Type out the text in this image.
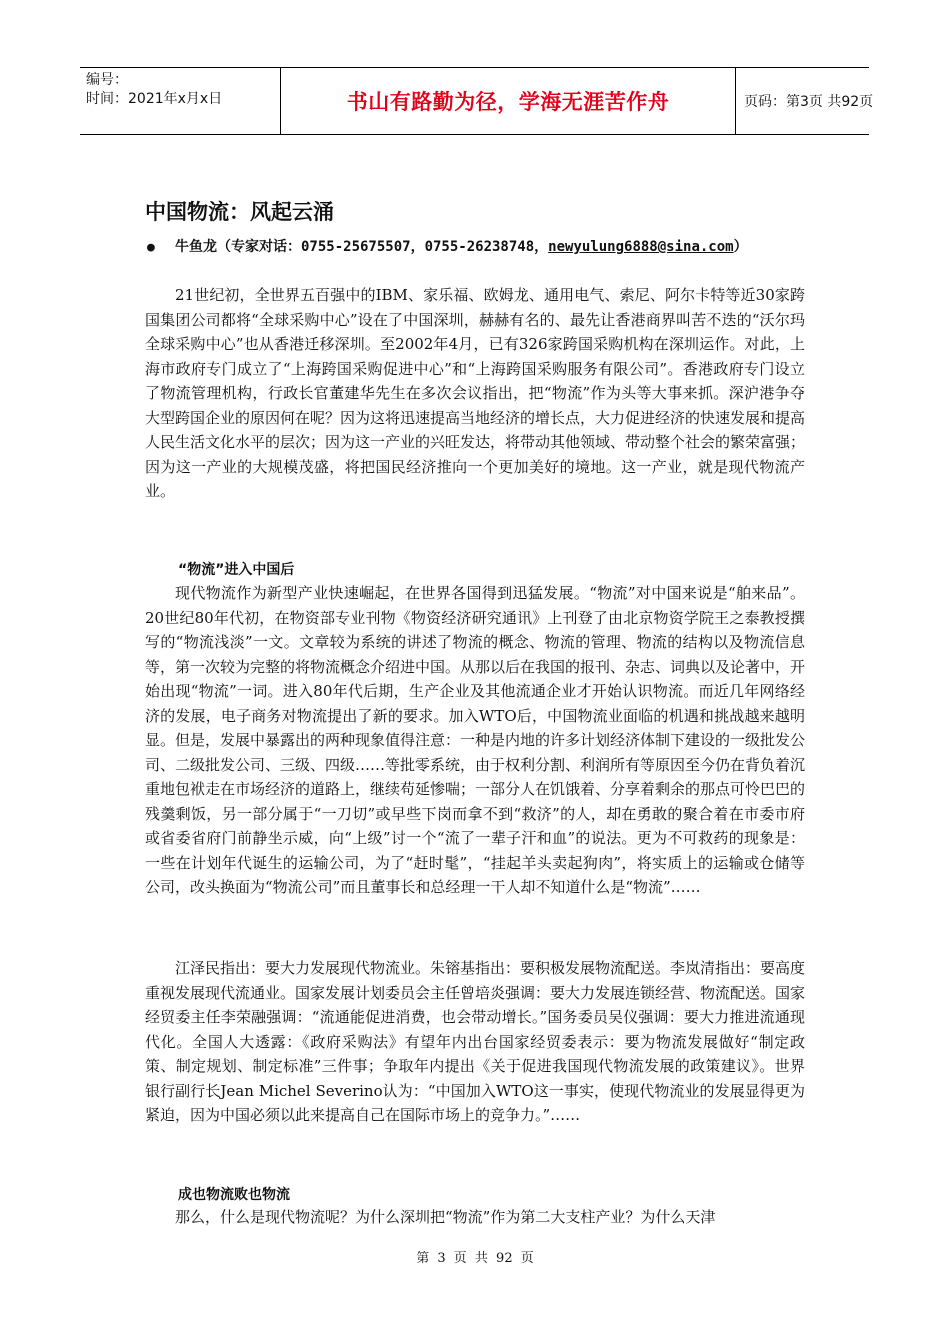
编号：
时间：2021年x月x日	书山有路勤为径，学海无涯苦作舟	页码：第3页 共92页
中国物流：风起云涌
● 牛鱼龙（专家对话：0755-25675507，0755-26238748，newyulung6888@sina.com）

21世纪初，全世界五百强中的IBM、家乐福、欧姆龙、通用电气、索尼、阿尔卡特等近30家跨国集团公司都将“全球采购中心”设在了中国深圳，赫赫有名的、最先让香港商界叫苦不迭的“沃尔玛全球采购中心”也从香港迁移深圳。至2002年4月，已有326家跨国采购机构在深圳运作。对此，上海市政府专门成立了“上海跨国采购促进中心”和“上海跨国采购服务有限公司”。香港政府专门设立了物流管理机构，行政长官董建华先生在多次会议指出，把“物流”作为头等大事来抓。深沪港争夺大型跨国企业的原因何在呢？因为这将迅速提高当地经济的增长点，大力促进经济的快速发展和提高人民生活文化水平的层次；因为这一产业的兴旺发达，将带动其他领域、带动整个社会的繁荣富强；因为这一产业的大规模茂盛，将把国民经济推向一个更加美好的境地。这一产业，就是现代物流产业。

“物流”进入中国后

现代物流作为新型产业快速崛起，在世界各国得到迅猛发展。“物流”对中国来说是“舶来品”。20世纪80年代初，在物资部专业刊物《物资经济研究通讯》上刊登了由北京物资学院王之泰教授撰写的“物流浅淡”一文。文章较为系统的讲述了物流的概念、物流的管理、物流的结构以及物流信息等，第一次较为完整的将物流概念介绍进中国。从那以后在我国的报刊、杂志、词典以及论著中，开始出现“物流”一词。进入80年代后期，生产企业及其他流通企业才开始认识物流。而近几年网络经济的发展，电子商务对物流提出了新的要求。加入WTO后，中国物流业面临的机遇和挑战越来越明显。但是，发展中暴露出的两种现象值得注意：一种是内地的许多计划经济体制下建设的一级批发公司、二级批发公司、三级、四级……等批零系统，由于权利分割、利润所有等原因至今仍在背负着沉重地包袱走在市场经济的道路上，继续苟延惨喘；一部分人在饥饿着、分享着剩余的那点可怜巴巴的残羹剩饭，另一部分属于“一刀切”或早些下岗而拿不到“救济”的人，却在勇敢的聚合着在市委市府或省委省府门前静坐示威，向“上级”讨一个“流了一辈子汗和血”的说法。更为不可救药的现象是：一些在计划年代诞生的运输公司，为了“赶时髦”，“挂起羊头卖起狗肉”，将实质上的运输或仓储等公司，改头换面为“物流公司”而且董事长和总经理一干人却不知道什么是“物流”……

江泽民指出：要大力发展现代物流业。朱镕基指出：要积极发展物流配送。李岚清指出：要高度重视发展现代流通业。国家发展计划委员会主任曾培炎强调：要大力发展连锁经营、物流配送。国家经贸委主任李荣融强调：“流通能促进消费，也会带动增长。”国务委员吴仪强调：要大力推进流通现代化。全国人大透露：《政府采购法》有望年内出台国家经贸委表示：要为物流发展做好“制定政策、制定规划、制定标准”三件事；争取年内提出《关于促进我国现代物流发展的政策建议》。世界银行副行长Jean Michel Severino认为：“中国加入WTO这一事实，使现代物流业的发展显得更为紧迫，因为中国必须以此来提高自己在国际市场上的竞争力。”……

成也物流败也物流

那么，什么是现代物流呢？为什么深圳把“物流”作为第二大支柱产业？为什么天津

第 3 页 共 92 页
